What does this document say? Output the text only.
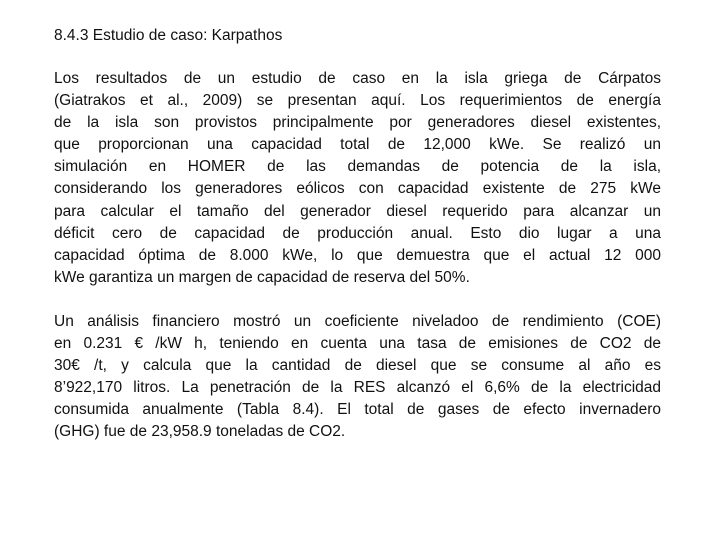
8.4.3 Estudio de caso: Karpathos
Los resultados de un estudio de caso en la isla griega de Cárpatos
(Giatrakos et al., 2009) se presentan aquí. Los requerimientos de energía
de la isla son provistos principalmente por generadores diesel existentes,
que proporcionan una capacidad total de 12,000 kWe. Se realizó un
simulación en HOMER de las demandas de potencia de la isla,
considerando los generadores eólicos con capacidad existente de 275 kWe
para calcular el tamaño del generador diesel requerido para alcanzar un
déficit cero de capacidad de producción anual. Esto dio lugar a una
capacidad óptima de 8.000 kWe, lo que demuestra que el actual 12 000
kWe garantiza un margen de capacidad de reserva del 50%.
Un análisis financiero mostró un coeficiente niveladoo de rendimiento (COE)
en 0.231 € /kW h, teniendo en cuenta una tasa de emisiones de CO2 de
30€ /t, y calcula que la cantidad de diesel que se consume al año es
8’922,170 litros. La penetración de la RES alcanzó el 6,6% de la electricidad
consumida anualmente (Tabla 8.4). El total de gases de efecto invernadero
(GHG) fue de 23,958.9 toneladas de CO2.
